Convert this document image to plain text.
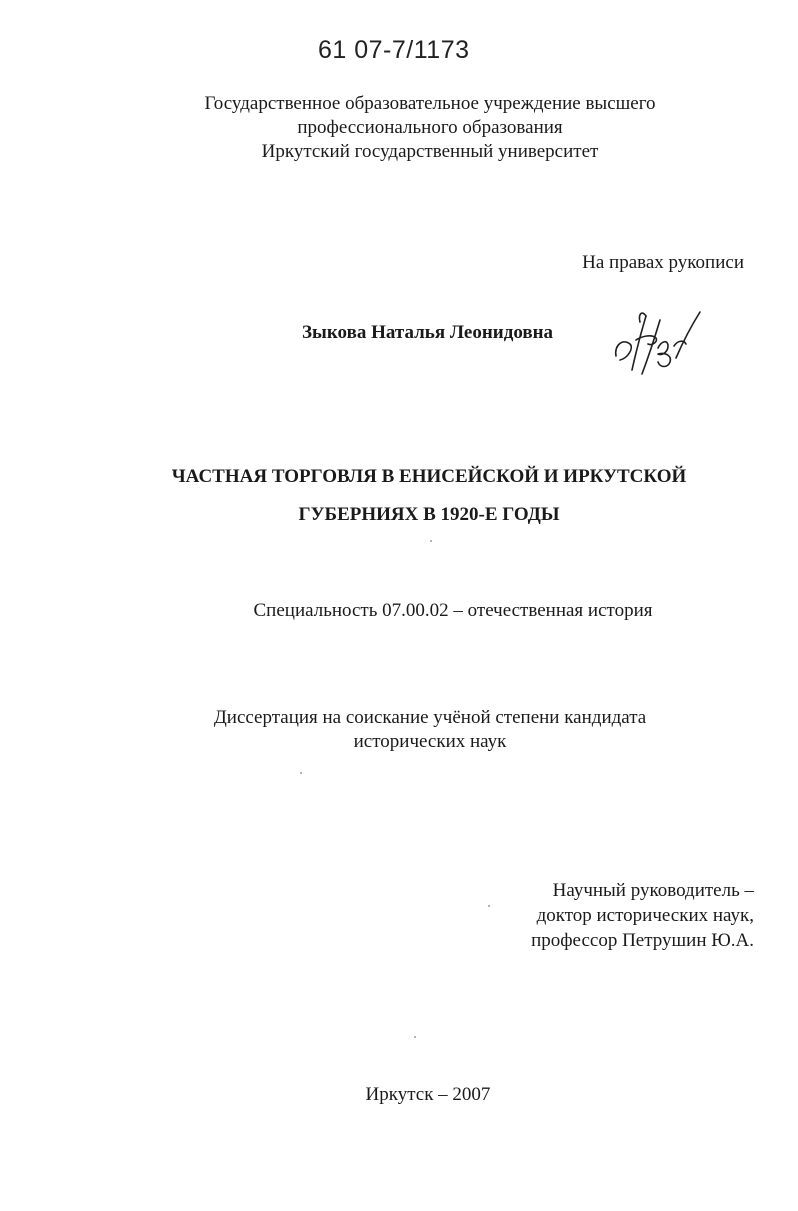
61 07-7/1173
Государственное образовательное учреждение высшего
профессионального образования
Иркутский государственный университет
На правах рукописи
Зыкова Наталья Леонидовна
ЧАСТНАЯ ТОРГОВЛЯ В ЕНИСЕЙСКОЙ И ИРКУТСКОЙ
ГУБЕРНИЯХ В 1920-Е ГОДЫ
Специальность 07.00.02 – отечественная история
Диссертация на соискание учёной степени кандидата
исторических наук
Научный руководитель –
доктор исторических наук,
профессор Петрушин Ю.А.
Иркутск – 2007
